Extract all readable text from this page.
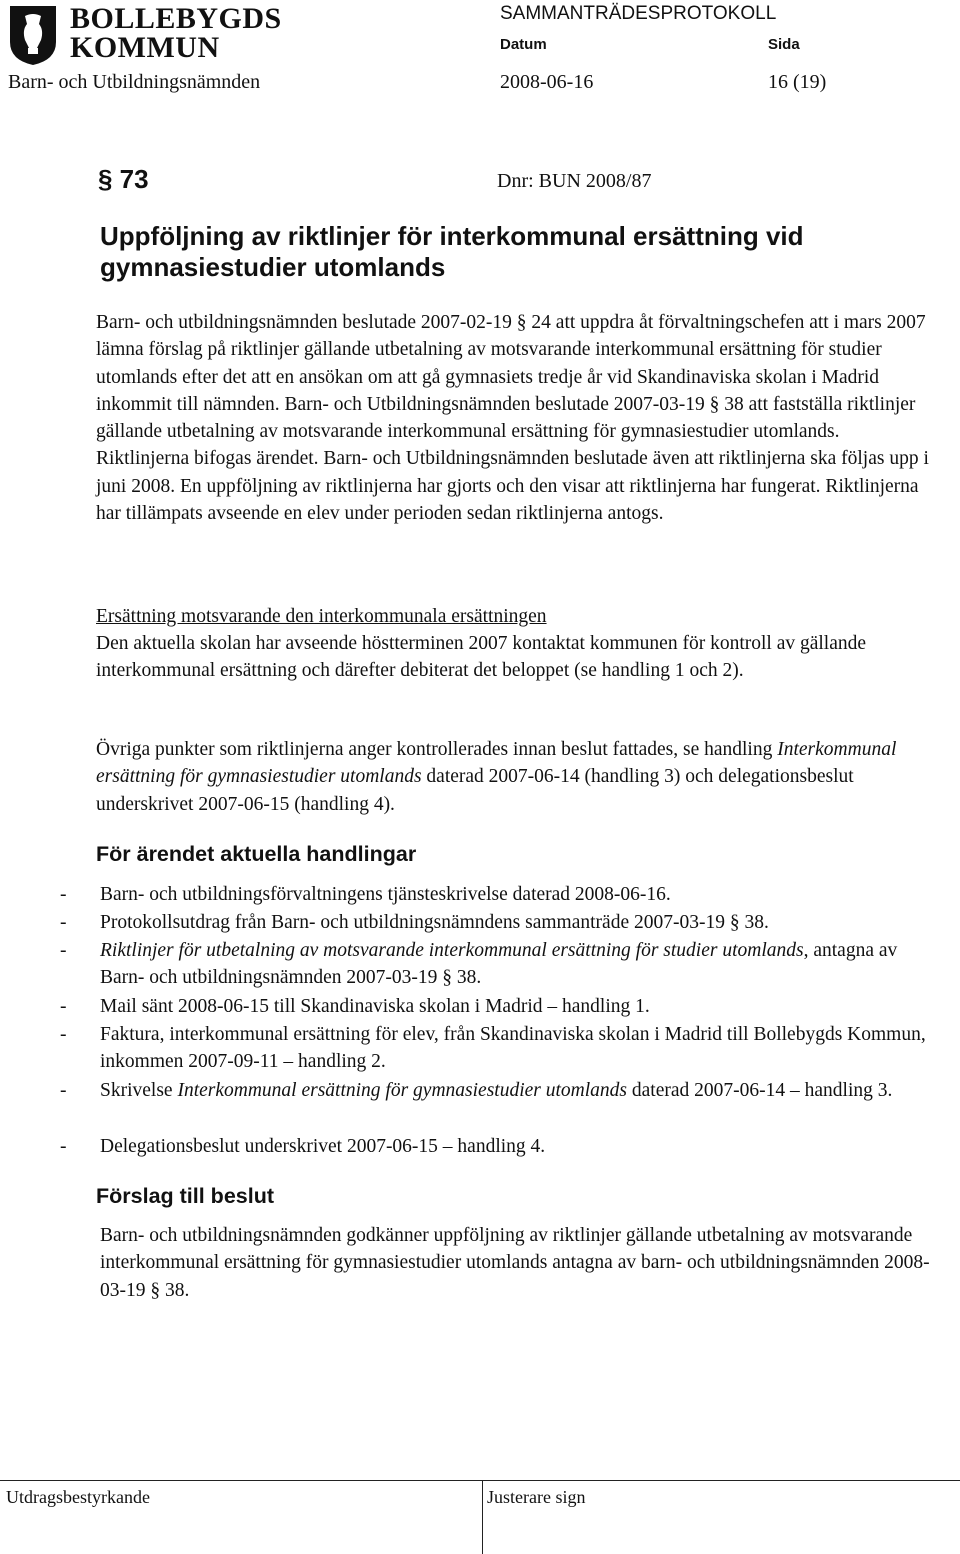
BOLLEBYGDS
KOMMUN
SAMMANTRÄDESPROTOKOLL
Datum	Sida
Barn- och Utbildningsnämnden	2008-06-16	16 (19)
§ 73	Dnr: BUN 2008/87
Uppföljning av riktlinjer för interkommunal ersättning vid gymnasiestudier utomlands
Barn- och utbildningsnämnden beslutade 2007-02-19 § 24 att uppdra åt förvaltningschefen att i mars 2007 lämna förslag på riktlinjer gällande utbetalning av motsvarande interkommunal ersättning för studier utomlands efter det att en ansökan om att gå gymnasiets tredje år vid Skandinaviska skolan i Madrid inkommit till nämnden. Barn- och Utbildningsnämnden beslutade 2007-03-19 § 38 att fastställa riktlinjer gällande utbetalning av motsvarande interkommunal ersättning för gymnasiestudier utomlands. Riktlinjerna bifogas ärendet. Barn- och Utbildningsnämnden beslutade även att riktlinjerna ska följas upp i juni 2008. En uppföljning av riktlinjerna har gjorts och den visar att riktlinjerna har fungerat. Riktlinjerna har tillämpats avseende en elev under perioden sedan riktlinjerna antogs.
Ersättning motsvarande den interkommunala ersättningen
Den aktuella skolan har avseende höstterminen 2007 kontaktat kommunen för kontroll av gällande interkommunal ersättning och därefter debiterat det beloppet (se handling 1 och 2).
Övriga punkter som riktlinjerna anger kontrollerades innan beslut fattades, se handling Interkommunal ersättning för gymnasiestudier utomlands daterad 2007-06-14 (handling 3) och delegationsbeslut underskrivet 2007-06-15 (handling 4).
För ärendet aktuella handlingar
- Barn- och utbildningsförvaltningens tjänsteskrivelse daterad 2008-06-16.
- Protokollsutdrag från Barn- och utbildningsnämndens sammanträde 2007-03-19 § 38.
- Riktlinjer för utbetalning av motsvarande interkommunal ersättning för studier utomlands, antagna av Barn- och utbildningsnämnden 2007-03-19 § 38.
- Mail sänt 2008-06-15 till Skandinaviska skolan i Madrid – handling 1.
- Faktura, interkommunal ersättning för elev, från Skandinaviska skolan i Madrid till Bollebygds Kommun, inkommen 2007-09-11 – handling 2.
- Skrivelse Interkommunal ersättning för gymnasiestudier utomlands daterad 2007-06-14 – handling 3.
- Delegationsbeslut underskrivet 2007-06-15 – handling 4.
Förslag till beslut
Barn- och utbildningsnämnden godkänner uppföljning av riktlinjer gällande utbetalning av motsvarande interkommunal ersättning för gymnasiestudier utomlands antagna av barn- och utbildningsnämnden 2008-03-19 § 38.
Utdragsbestyrkande	Justerare sign
